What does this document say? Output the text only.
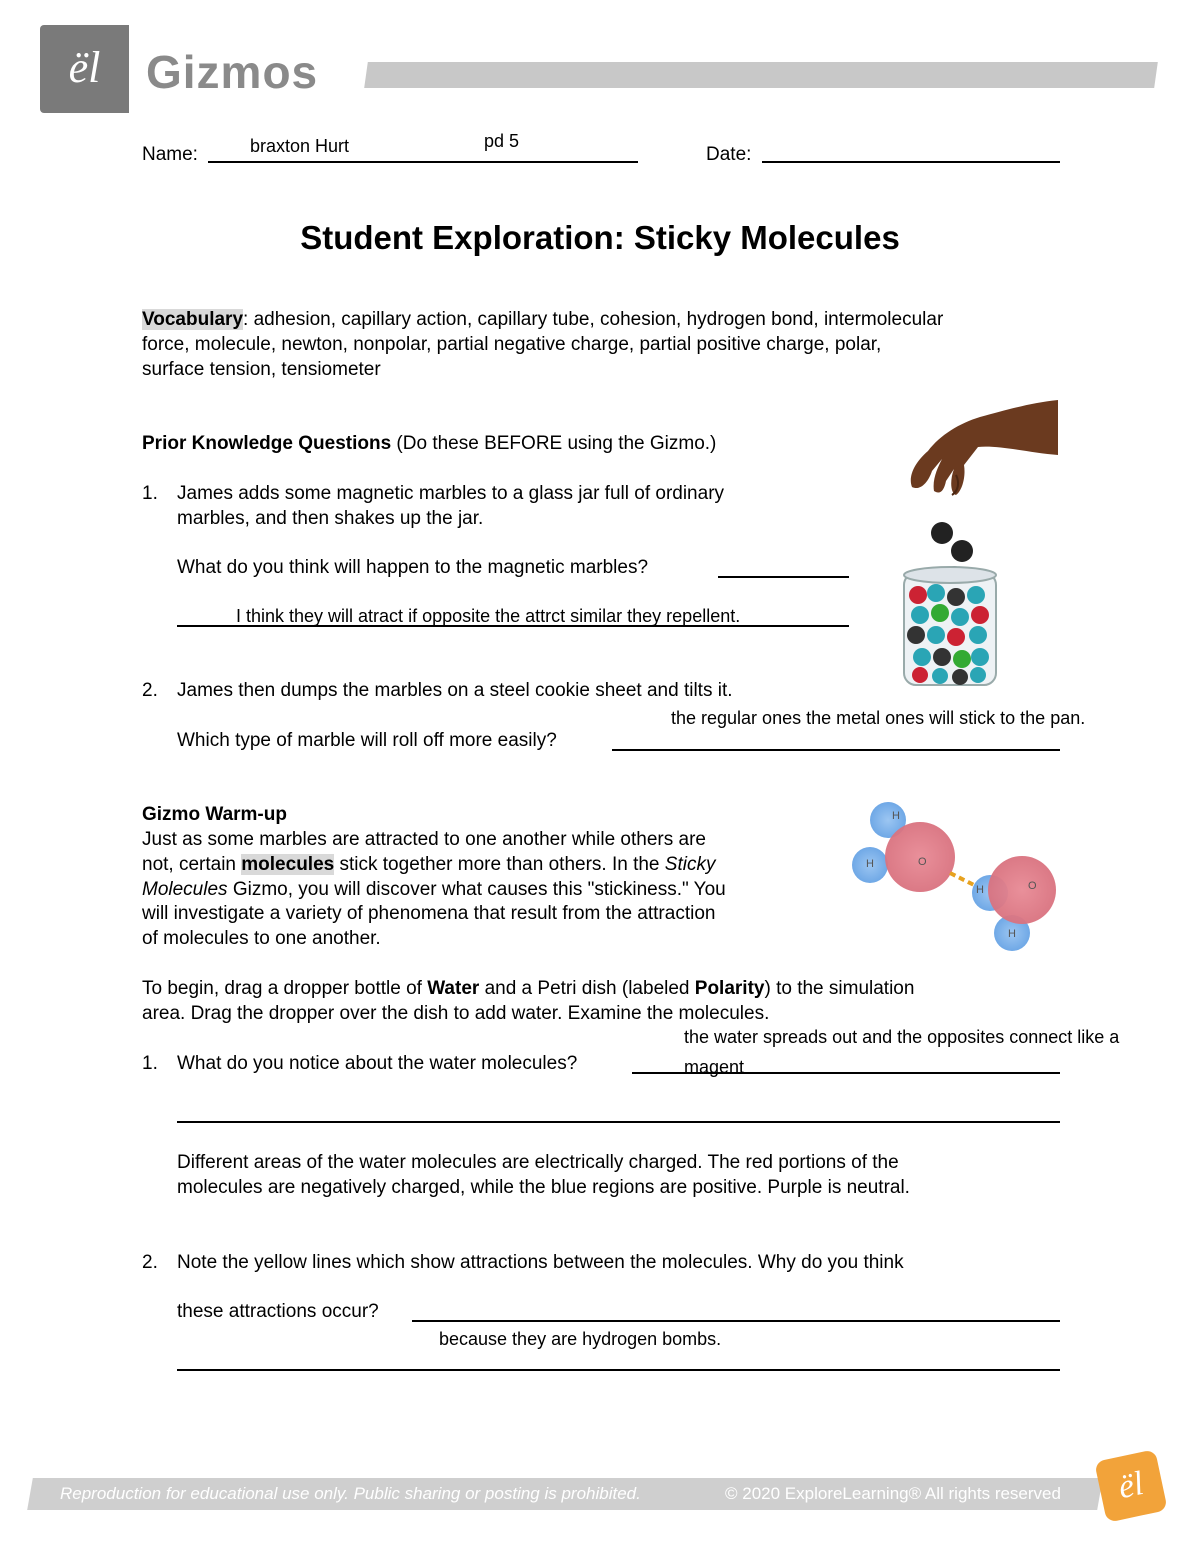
ël Gizmos
Name:	braxton Hurt	pd 5
Date:
Student Exploration: Sticky Molecules
Vocabulary: adhesion, capillary action, capillary tube, cohesion, hydrogen bond, intermolecular
force, molecule, newton, nonpolar, partial negative charge, partial positive charge, polar,
surface tension, tensiometer
Prior Knowledge Questions (Do these BEFORE using the Gizmo.)
1. James adds some magnetic marbles to a glass jar full of ordinary
marbles, and then shakes up the jar.
What do you think will happen to the magnetic marbles?
I think they will atract if opposite the attrct similar they repellent.
2. James then dumps the marbles on a steel cookie sheet and tilts it.
the regular ones the metal ones will stick to the pan.
Which type of marble will roll off more easily?
Gizmo Warm-up
Just as some marbles are attracted to one another while others are
not, certain molecules stick together more than others. In the Sticky
Molecules Gizmo, you will discover what causes this "stickiness." You
will investigate a variety of phenomena that result from the attraction
of molecules to one another.
H
H	O
H	O
H
To begin, drag a dropper bottle of Water and a Petri dish (labeled Polarity) to the simulation
area. Drag the dropper over the dish to add water. Examine the molecules.
the water spreads out and the opposites connect like a
1. What do you notice about the water molecules?	magent
Different areas of the water molecules are electrically charged. The red portions of the
molecules are negatively charged, while the blue regions are positive. Purple is neutral.
2. Note the yellow lines which show attractions between the molecules. Why do you think
these attractions occur?
because they are hydrogen bombs.
Reproduction for educational use only. Public sharing or posting is prohibited.	© 2020 ExploreLearning® All rights reserved	ël
